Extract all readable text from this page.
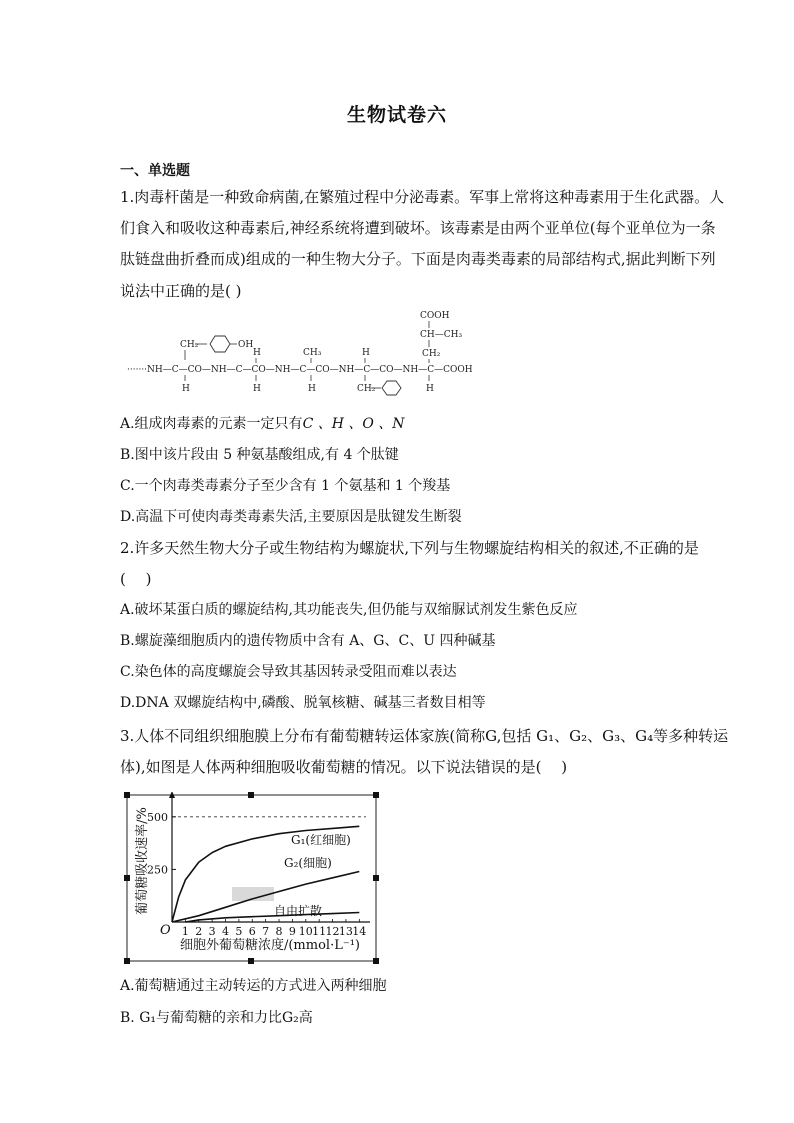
生物试卷六
一、单选题
1.肉毒杆菌是一种致命病菌,在繁殖过程中分泌毒素。军事上常将这种毒素用于生化武器。人
们食入和吸收这种毒素后,神经系统将遭到破坏。该毒素是由两个亚单位(每个亚单位为一条
肽链盘曲折叠而成)组成的一种生物大分子。下面是肉毒类毒素的局部结构式,据此判断下列
说法中正确的是( )
COOH
CH—CH₃
CH₂
CH₂	OH
H	CH₃	H
·······NH—C—CO—NH—C—CO—NH—C—CO—NH—C—CO—NH—C—COOH
H	H	H	CH₂	H
A.组成肉毒素的元素一定只有C 、H 、O 、N
B.图中该片段由 5 种氨基酸组成,有 4 个肽键
C.一个肉毒类毒素分子至少含有 1 个氨基和 1 个羧基
D.高温下可使肉毒类毒素失活,主要原因是肽键发生断裂
2.许多天然生物大分子或生物结构为螺旋状,下列与生物螺旋结构相关的叙述,不正确的是
(　 )
A.破坏某蛋白质的螺旋结构,其功能丧失,但仍能与双缩脲试剂发生紫色反应
B.螺旋藻细胞质内的遗传物质中含有 A、G、C、U 四种碱基
C.染色体的高度螺旋会导致其基因转录受阻而难以表达
D.DNA 双螺旋结构中,磷酸、脱氧核糖、碱基三者数目相等
3.人体不同组织细胞膜上分布有葡萄糖转运体家族(简称G,包括 G₁、G₂、G₃、G₄等多种转运
体),如图是人体两种细胞吸收葡萄糖的情况。以下说法错误的是(　 )
250
500
1 2 3 4 5 6 7 8 9 10 11 12 13 14
O
细胞外葡萄糖浓度/(mmol·L⁻¹)
葡萄糖吸收速率/%	G₁(红细胞)
G₂(细胞)
自由扩散
A.葡萄糖通过主动转运的方式进入两种细胞
B. G₁与葡萄糖的亲和力比G₂高
